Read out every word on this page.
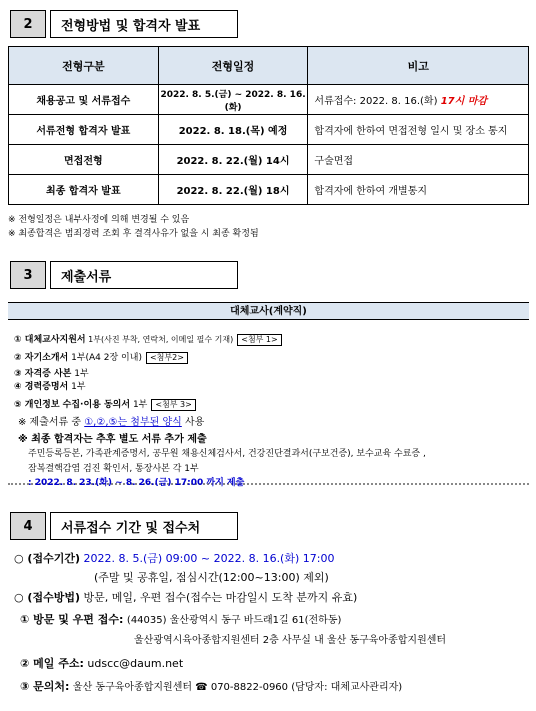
2	전형방법 및 합격자 발표
전형구분	전형일정	비고
채용공고 및 서류접수	2022. 8. 5.(금) ~ 2022. 8. 16.(화)	서류접수: 2022. 8. 16.(화) 17시 마감
서류전형 합격자 발표	2022. 8. 18.(목) 예정	합격자에 한하여 면접전형 일시 및 장소 통지
면접전형	2022. 8. 22.(월) 14시	구술면접
최종 합격자 발표	2022. 8. 22.(월) 18시	합격자에 한하여 개별통지
※ 전형일정은 내부사정에 의해 변경될 수 있음
※ 최종합격은 범죄경력 조회 후 결격사유가 없을 시 최종 확정됨
3	제출서류
대체교사(계약직)
① 대체교사지원서 1부(사진 부착, 연락처, 이메일 필수 기재) <첨부 1>
② 자기소개서 1부(A4 2장 이내) <첨부2>
③ 자격증 사본 1부
④ 경력증명서 1부
⑤ 개인정보 수집·이용 동의서 1부 <첨부 3>
※ 제출서류 중 ①,②,⑤는 첨부된 양식 사용
※ 최종 합격자는 추후 별도 서류 추가 제출
주민등록등본, 가족관계증명서, 공무원 채용신체검사서, 건강진단결과서(구보건증), 보수교육 수료증 ,
잠복결핵감염 검진 확인서, 통장사본 각 1부
: 2022. 8. 23.(화) ~ 8. 26.(금) 17:00 까지 제출
4	서류접수 기간 및 접수처
○ (접수기간) 2022. 8. 5.(금) 09:00 ~ 2022. 8. 16.(화) 17:00
(주말 및 공휴일, 점심시간(12:00~13:00) 제외)
○ (접수방법) 방문, 메일, 우편 접수(접수는 마감일시 도착 분까지 유효)
① 방문 및 우편 접수: (44035) 울산광역시 동구 바드래1길 61(전하동)
울산광역시육아종합지원센터 2층 사무실 내 울산 동구육아종합지원센터
② 메일 주소: udscc@daum.net
③ 문의처: 울산 동구육아종합지원센터 ☎ 070-8822-0960 (담당자: 대체교사관리자)
